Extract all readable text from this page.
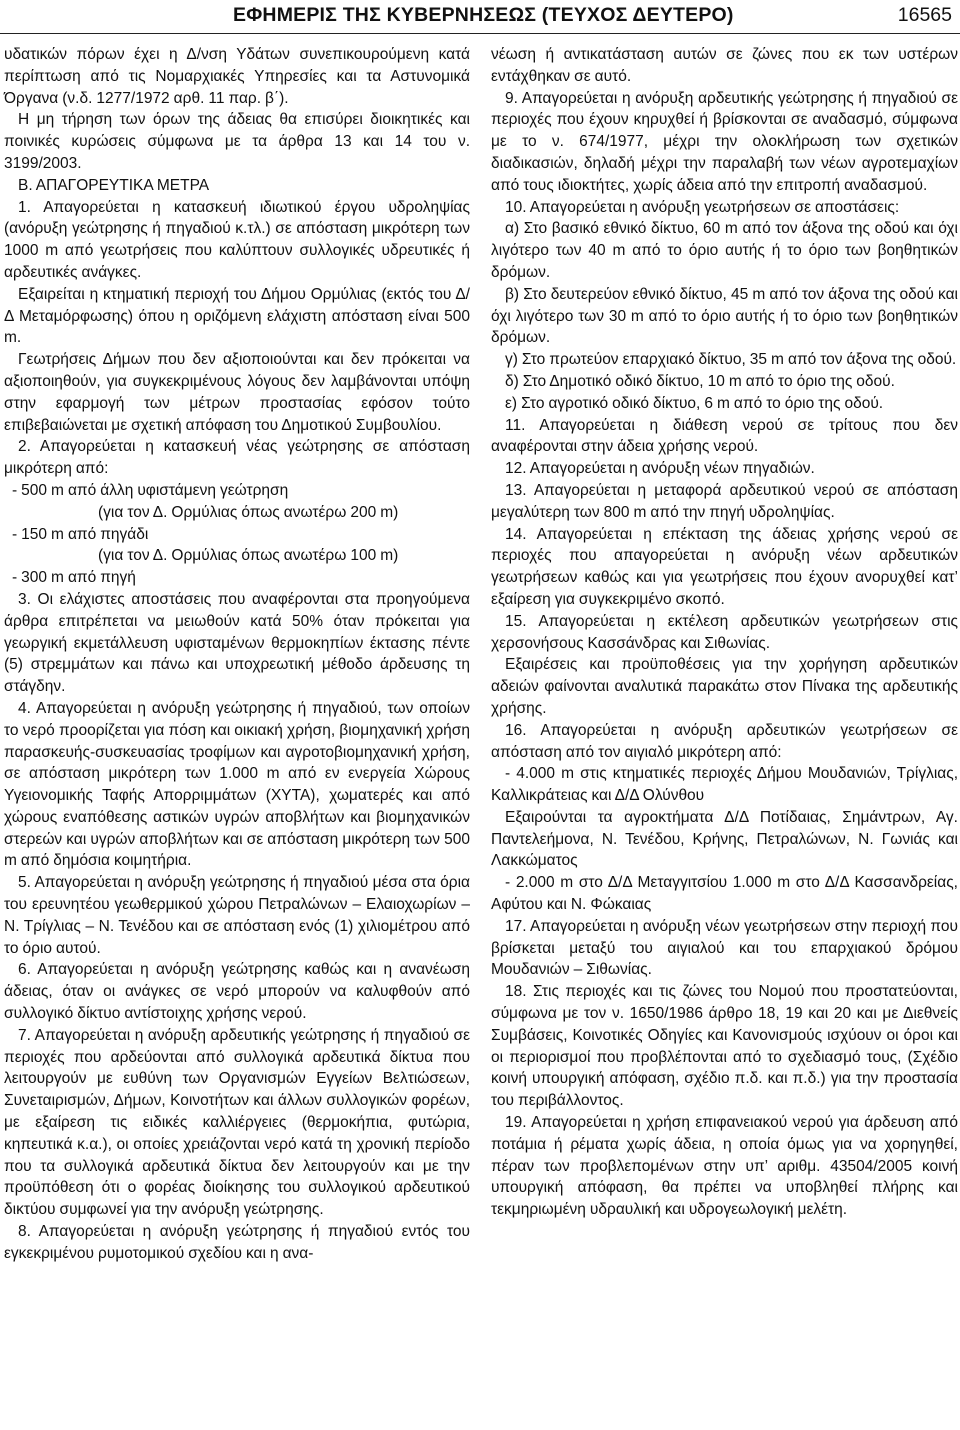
ΕΦΗΜΕΡΙΣ ΤΗΣ ΚΥΒΕΡΝΗΣΕΩΣ (ΤΕΥΧΟΣ ΔΕΥΤΕΡΟ)	16565

υδατικών πόρων έχει η Δ/νση Υδάτων συνεπικουρούμενη κατά περίπτωση από τις Νομαρχιακές Υπηρεσίες και τα Αστυνομικά Όργανα (ν.δ. 1277/1972 αρθ. 11 παρ. β΄).

Η μη τήρηση των όρων της άδειας θα επισύρει διοικητικές και ποινικές κυρώσεις σύμφωνα με τα άρθρα 13 και 14 του ν. 3199/2003.

Β. ΑΠΑΓΟΡΕΥΤΙΚΑ ΜΕΤΡΑ

1. Απαγορεύεται η κατασκευή ιδιωτικού έργου υδροληψίας (ανόρυξη γεώτρησης ή πηγαδιού κ.τλ.) σε απόσταση μικρότερη των 1000 m από γεωτρήσεις που καλύπτουν συλλογικές υδρευτικές ή αρδευτικές ανάγκες.

Εξαιρείται η κτηματική περιοχή του Δήμου Ορμύλιας (εκτός του Δ/Δ Μεταμόρφωσης) όπου η οριζόμενη ελάχιστη απόσταση είναι 500 m.

Γεωτρήσεις Δήμων που δεν αξιοποιούνται και δεν πρόκειται να αξιοποιηθούν, για συγκεκριμένους λόγους δεν λαμβάνονται υπόψη στην εφαρμογή των μέτρων προστασίας εφόσον τούτο επιβεβαιώνεται με σχετική απόφαση του Δημοτικού Συμβουλίου.

2. Απαγορεύεται η κατασκευή νέας γεώτρησης σε απόσταση μικρότερη από:

- 500 m από άλλη υφιστάμενη γεώτρηση

(για τον Δ. Ορμύλιας όπως ανωτέρω 200 m)

- 150 m από πηγάδι

(για τον Δ. Ορμύλιας όπως ανωτέρω 100 m)

- 300 m από πηγή

3. Οι ελάχιστες αποστάσεις που αναφέρονται στα προηγούμενα άρθρα επιτρέπεται να μειωθούν κατά 50% όταν πρόκειται για γεωργική εκμετάλλευση υφισταμένων θερμοκηπίων έκτασης πέντε (5) στρεμμάτων και πάνω και υποχρεωτική μέθοδο άρδευσης τη στάγδην.

4. Απαγορεύεται η ανόρυξη γεώτρησης ή πηγαδιού, των οποίων το νερό προορίζεται για πόση και οικιακή χρήση, βιομηχανική χρήση παρασκευής-συσκευασίας τροφίμων και αγροτοβιομηχανική χρήση, σε απόσταση μικρότερη των 1.000 m από εν ενεργεία Χώρους Υγειονομικής Ταφής Απορριμμάτων (ΧΥΤΑ), χωματερές και από χώρους εναπόθεσης αστικών υγρών αποβλήτων και βιομηχανικών στερεών και υγρών αποβλήτων και σε απόσταση μικρότερη των 500 m από δημόσια κοιμητήρια.

5. Απαγορεύεται η ανόρυξη γεώτρησης ή πηγαδιού μέσα στα όρια του ερευνητέου γεωθερμικού χώρου Πετραλώνων – Ελαιοχωρίων – Ν. Τρίγλιας – Ν. Τενέδου και σε απόσταση ενός (1) χιλιομέτρου από το όριο αυτού.

6. Απαγορεύεται η ανόρυξη γεώτρησης καθώς και η ανανέωση άδειας, όταν οι ανάγκες σε νερό μπορούν να καλυφθούν από συλλογικό δίκτυο αντίστοιχης χρήσης νερού.

7. Απαγορεύεται η ανόρυξη αρδευτικής γεώτρησης ή πηγαδιού σε περιοχές που αρδεύονται από συλλογικά αρδευτικά δίκτυα που λειτουργούν με ευθύνη των Οργανισμών Εγγείων Βελτιώσεων, Συνεταιρισμών, Δήμων, Κοινοτήτων και άλλων συλλογικών φορέων, με εξαίρεση τις ειδικές καλλιέργειες (θερμοκήπια, φυτώρια, κηπευτικά κ.α.), οι οποίες χρειάζονται νερό κατά τη χρονική περίοδο που τα συλλογικά αρδευτικά δίκτυα δεν λειτουργούν και με την προϋπόθεση ότι ο φορέας διοίκησης του συλλογικού αρδευτικού δικτύου συμφωνεί για την ανόρυξη γεώτρησης.

8. Απαγορεύεται η ανόρυξη γεώτρησης ή πηγαδιού εντός του εγκεκριμένου ρυμοτομικού σχεδίου και η ανα-

νέωση ή αντικατάσταση αυτών σε ζώνες που εκ των υστέρων εντάχθηκαν σε αυτό.

9. Απαγορεύεται η ανόρυξη αρδευτικής γεώτρησης ή πηγαδιού σε περιοχές που έχουν κηρυχθεί ή βρίσκονται σε αναδασμό, σύμφωνα με το ν. 674/1977, μέχρι την ολοκλήρωση των σχετικών διαδικασιών, δηλαδή μέχρι την παραλαβή των νέων αγροτεμαχίων από τους ιδιοκτήτες, χωρίς άδεια από την επιτροπή αναδασμού.

10. Απαγορεύεται η ανόρυξη γεωτρήσεων σε αποστάσεις:

α) Στο βασικό εθνικό δίκτυο, 60 m από τον άξονα της οδού και όχι λιγότερο των 40 m από το όριο αυτής ή το όριο των βοηθητικών δρόμων.

β) Στο δευτερεύον εθνικό δίκτυο, 45 m από τον άξονα της οδού και όχι λιγότερο των 30 m από το όριο αυτής ή το όριο των βοηθητικών δρόμων.

γ) Στο πρωτεύον επαρχιακό δίκτυο, 35 m από τον άξονα της οδού.

δ) Στο Δημοτικό οδικό δίκτυο, 10 m από το όριο της οδού.

ε) Στο αγροτικό οδικό δίκτυο, 6 m από το όριο της οδού.

11. Απαγορεύεται η διάθεση νερού σε τρίτους που δεν αναφέρονται στην άδεια χρήσης νερού.

12. Απαγορεύεται η ανόρυξη νέων πηγαδιών.

13. Απαγορεύεται η μεταφορά αρδευτικού νερού σε απόσταση μεγαλύτερη των 800 m από την πηγή υδροληψίας.

14. Απαγορεύεται η επέκταση της άδειας χρήσης νερού σε περιοχές που απαγορεύεται η ανόρυξη νέων αρδευτικών γεωτρήσεων καθώς και για γεωτρήσεις που έχουν ανορυχθεί κατ’ εξαίρεση για συγκεκριμένο σκοπό.

15. Απαγορεύεται η εκτέλεση αρδευτικών γεωτρήσεων στις χερσονήσους Κασσάνδρας και Σιθωνίας.

Εξαιρέσεις και προϋποθέσεις για την χορήγηση αρδευτικών αδειών φαίνονται αναλυτικά παρακάτω στον Πίνακα της αρδευτικής χρήσης.

16. Απαγορεύεται η ανόρυξη αρδευτικών γεωτρήσεων σε απόσταση από τον αιγιαλό μικρότερη από:

- 4.000 m στις κτηματικές περιοχές Δήμου Μουδανιών, Τρίγλιας, Καλλικράτειας και Δ/Δ Ολύνθου

Εξαιρούνται τα αγροκτήματα Δ/Δ Ποτίδαιας, Σημάντρων, Αγ. Παντελεήμονα, Ν. Τενέδου, Κρήνης, Πετραλώνων, Ν. Γωνιάς και Λακκώματος

- 2.000 m στο Δ/Δ Μεταγγιτσίου 1.000 m στο Δ/Δ Κασσανδρείας, Αφύτου και Ν. Φώκαιας

17. Απαγορεύεται η ανόρυξη νέων γεωτρήσεων στην περιοχή που βρίσκεται μεταξύ του αιγιαλού και του επαρχιακού δρόμου Μουδανιών – Σιθωνίας.

18. Στις περιοχές και τις ζώνες του Νομού που προστατεύονται, σύμφωνα με τον ν. 1650/1986 άρθρο 18, 19 και 20 και με Διεθνείς Συμβάσεις, Κοινοτικές Οδηγίες και Κανονισμούς ισχύουν οι όροι και οι περιορισμοί που προβλέπονται από το σχεδιασμό τους, (Σχέδιο κοινή υπουργική απόφαση, σχέδιο π.δ. και π.δ.) για την προστασία του περιβάλλοντος.

19. Απαγορεύεται η χρήση επιφανειακού νερού για άρδευση από ποτάμια ή ρέματα χωρίς άδεια, η οποία όμως για να χορηγηθεί, πέραν των προβλεπομένων στην υπ’ αριθμ. 43504/2005 κοινή υπουργική απόφαση, θα πρέπει να υποβληθεί πλήρης και τεκμηριωμένη υδραυλική και υδρογεωλογική μελέτη.
